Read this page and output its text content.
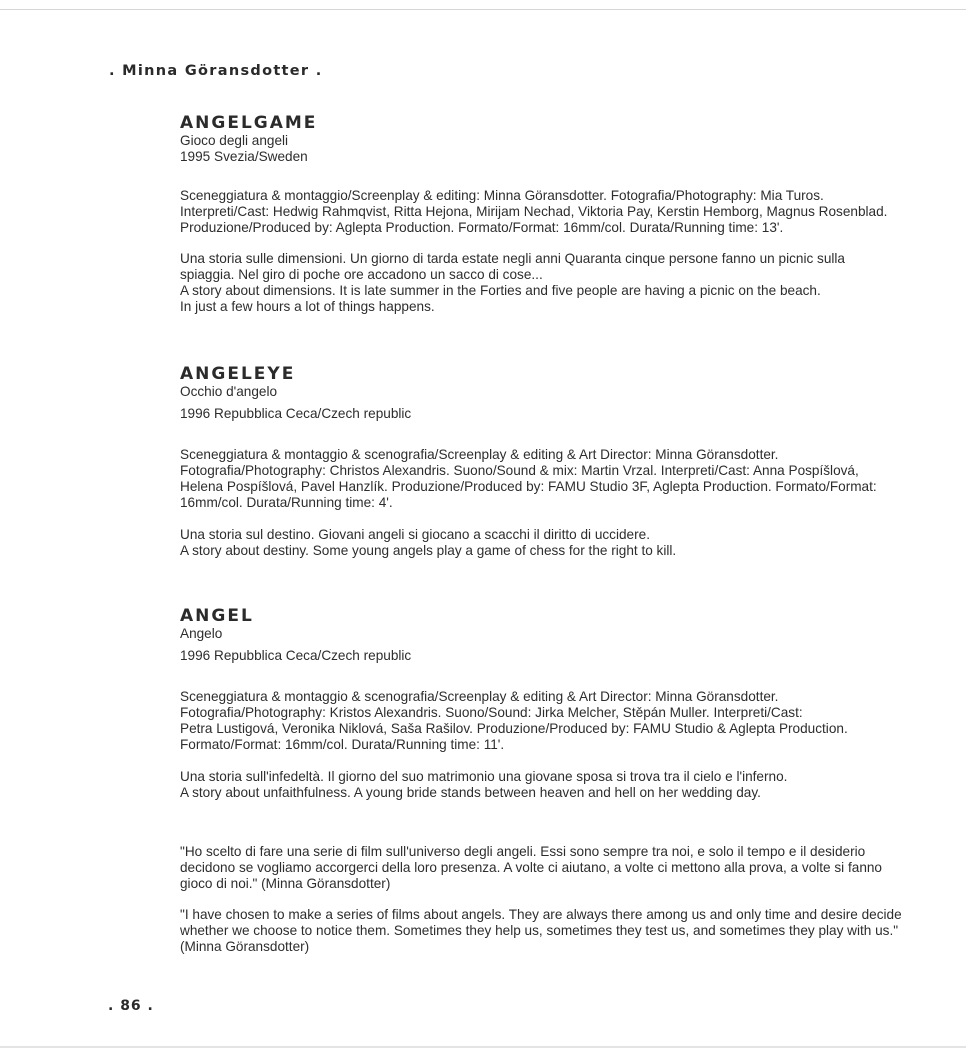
. Minna Göransdotter .
ANGELGAME
Gioco degli angeli
1995 Svezia/Sweden
Sceneggiatura & montaggio/Screenplay & editing: Minna Göransdotter. Fotografia/Photography: Mia Turos.
Interpreti/Cast: Hedwig Rahmqvist, Ritta Hejona, Mirijam Nechad, Viktoria Pay, Kerstin Hemborg, Magnus Rosenblad.
Produzione/Produced by: Aglepta Production. Formato/Format: 16mm/col. Durata/Running time: 13'.
Una storia sulle dimensioni. Un giorno di tarda estate negli anni Quaranta cinque persone fanno un picnic sulla
spiaggia. Nel giro di poche ore accadono un sacco di cose...
A story about dimensions. It is late summer in the Forties and five people are having a picnic on the beach.
In just a few hours a lot of things happens.
ANGELEYE
Occhio d'angelo
1996 Repubblica Ceca/Czech republic
Sceneggiatura & montaggio & scenografia/Screenplay & editing & Art Director: Minna Göransdotter.
Fotografia/Photography: Christos Alexandris. Suono/Sound & mix: Martin Vrzal. Interpreti/Cast: Anna Pospíšlová,
Helena Pospíšlová, Pavel Hanzlík. Produzione/Produced by: FAMU Studio 3F, Aglepta Production. Formato/Format:
16mm/col. Durata/Running time: 4'.
Una storia sul destino. Giovani angeli si giocano a scacchi il diritto di uccidere.
A story about destiny. Some young angels play a game of chess for the right to kill.
ANGEL
Angelo
1996 Repubblica Ceca/Czech republic
Sceneggiatura & montaggio & scenografia/Screenplay & editing & Art Director: Minna Göransdotter.
Fotografia/Photography: Kristos Alexandris. Suono/Sound: Jirka Melcher, Stěpán Muller. Interpreti/Cast:
Petra Lustigová, Veronika Niklová, Saša Rašilov. Produzione/Produced by: FAMU Studio & Aglepta Production.
Formato/Format: 16mm/col. Durata/Running time: 11'.
Una storia sull'infedeltà. Il giorno del suo matrimonio una giovane sposa si trova tra il cielo e l'inferno.
A story about unfaithfulness. A young bride stands between heaven and hell on her wedding day.
"Ho scelto di fare una serie di film sull'universo degli angeli. Essi sono sempre tra noi, e solo il tempo e il desiderio
decidono se vogliamo accorgerci della loro presenza. A volte ci aiutano, a volte ci mettono alla prova, a volte si fanno
gioco di noi." (Minna Göransdotter)
"I have chosen to make a series of films about angels. They are always there among us and only time and desire decide
whether we choose to notice them. Sometimes they help us, sometimes they test us, and sometimes they play with us."
(Minna Göransdotter)
. 86 .
